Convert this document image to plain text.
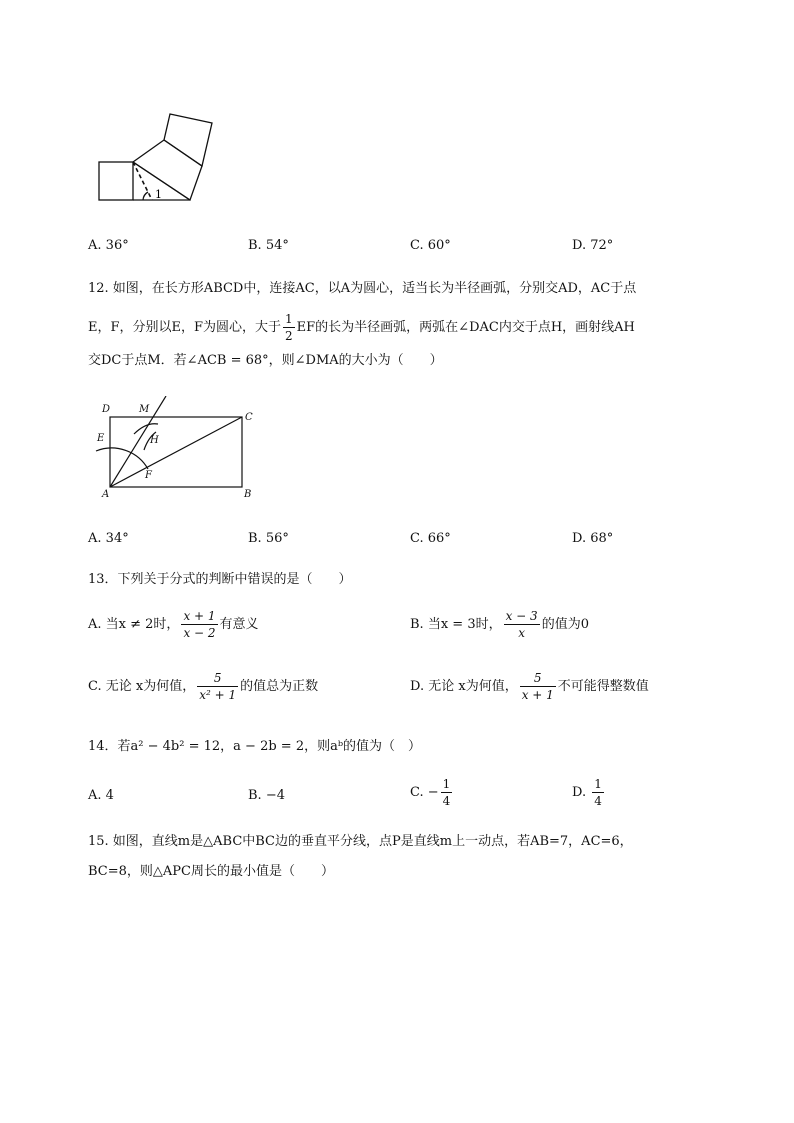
1
A. 36°	B. 54°	C. 60°	D. 72°
12. 如图，在长方形ABCD中，连接AC，以A为圆心，适当长为半径画弧，分别交AD，AC于点
E，F，分别以E，F为圆心，大于 $\frac{1}{2}$ EF的长为半径画弧，两弧在∠DAC内交于点H，画射线AH
交DC于点M．若∠ACB = 68°，则∠DMA的大小为（　　）
D	M
C
E	H
F
A	B
A. 34°	B. 56°	C. 66°	D. 68°
13．下列关于分式的判断中错误的是（　　）
A. 当x ≠ 2时， $\frac{x + 1}{x - 2}$ 有意义	B. 当x = 3时， $\frac{x - 3}{x}$ 的值为0
C. 无论 x为何值， $\frac{5}{\text{x² + 1}}$ 的值总为正数	D. 无论 x为何值， $\frac{5}{x + 1}$ 不可能得整数值
14．若a² − 4b² = 12，a − 2b = 2，则aᵇ的值为（　）
A. 4	B. −4	C. − $\frac{1}{4}$	D. $\frac{1}{4}$
15. 如图，直线m是△ABC中BC边的垂直平分线，点P是直线m上一动点，若AB=7，AC=6，
BC=8，则△APC周长的最小值是（　　）
